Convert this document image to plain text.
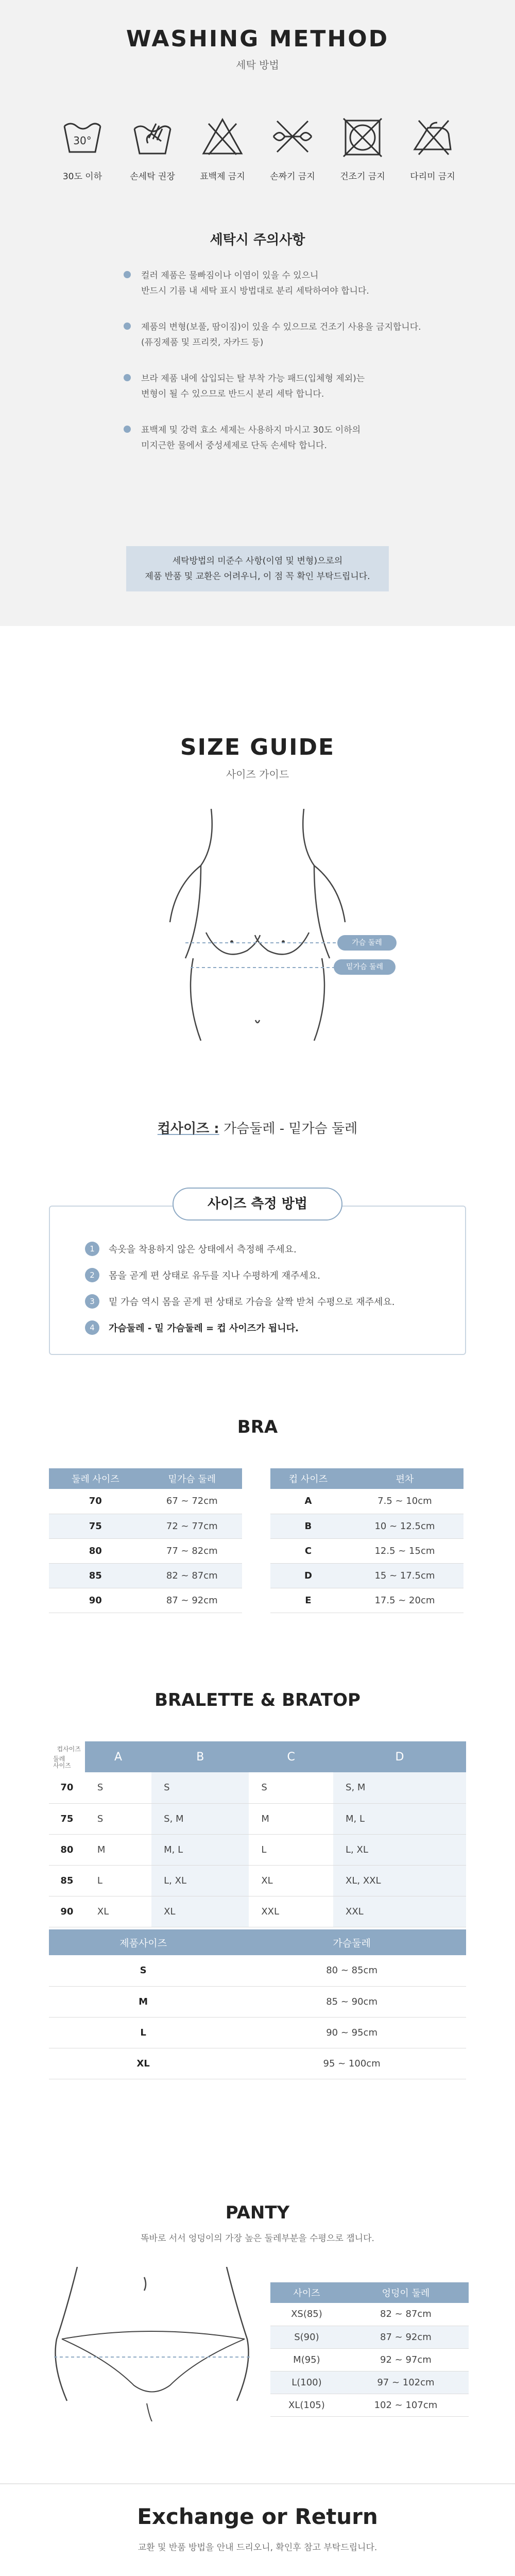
WASHING METHOD
세탁 방법
30°
30도 이하	손세탁 권장	표백제 금지	손짜기 금지	건조기 금지	다리미 금지
세탁시 주의사항
컬러 제품은 물빠짐이나 이염이 있을 수 있으니
반드시 기름 내 세탁 표시 방법대로 분리 세탁하여야 합니다.
제품의 변형(보풀, 땀이짐)이 있을 수 있으므로 건조기 사용을 금지합니다.
(퓨징제품 및 프리컷, 자카드 등)
브라 제품 내에 삽입되는 탈 부착 가능 패드(입체형 제외)는
변형이 될 수 있으므로 반드시 분리 세탁 합니다.
표백제 및 강력 효소 세제는 사용하지 마시고 30도 이하의
미지근한 물에서 중성세제로 단독 손세탁 합니다.
세탁방법의 미준수 사항(이염 및 변형)으로의
제품 반품 및 교환은 어려우니, 이 점 꼭 확인 부탁드립니다.
SIZE GUIDE
사이즈 가이드
가슴 둘레
밑가슴 둘레
컵사이즈 : 가슴둘레 - 밑가슴 둘레
사이즈 측정 방법
1	속옷을 착용하지 않은 상태에서 측정해 주세요.
2	몸을 곧게 편 상태로 유두를 지나 수평하게 재주세요.
3	밑 가슴 역시 몸을 곧게 편 상태로 가슴을 살짝 받쳐 수평으로 재주세요.
4	가슴둘레 - 밑 가슴둘레 = 컵 사이즈가 됩니다.
BRA
둘레 사이즈	밑가슴 둘레
70	67 ~ 72cm
75	72 ~ 77cm
80	77 ~ 82cm
85	82 ~ 87cm
90	87 ~ 92cm
컵 사이즈	편차
A	7.5 ~ 10cm
B	10 ~ 12.5cm
C	12.5 ~ 15cm
D	15 ~ 17.5cm
E	17.5 ~ 20cm
BRALETTE & BRATOP
컵사이즈
둘레
사이즈	A	B	C	D
70	S	S	S	S, M
75	S	S, M	M	M, L
80	M	M, L	L	L, XL
85	L	L, XL	XL	XL, XXL
90	XL	XL	XXL	XXL
제품사이즈	가슴둘레
S	80 ~ 85cm
M	85 ~ 90cm
L	90 ~ 95cm
XL	95 ~ 100cm
PANTY
똑바로 서서 엉덩이의 가장 높은 둘레부분을 수평으로 잽니다.
사이즈	엉덩이 둘레
XS(85)	82 ~ 87cm
S(90)	87 ~ 92cm
M(95)	92 ~ 97cm
L(100)	97 ~ 102cm
XL(105)	102 ~ 107cm
Exchange or Return
교환 및 반품 방법을 안내 드리오니, 확인후 참고 부탁드립니다.
